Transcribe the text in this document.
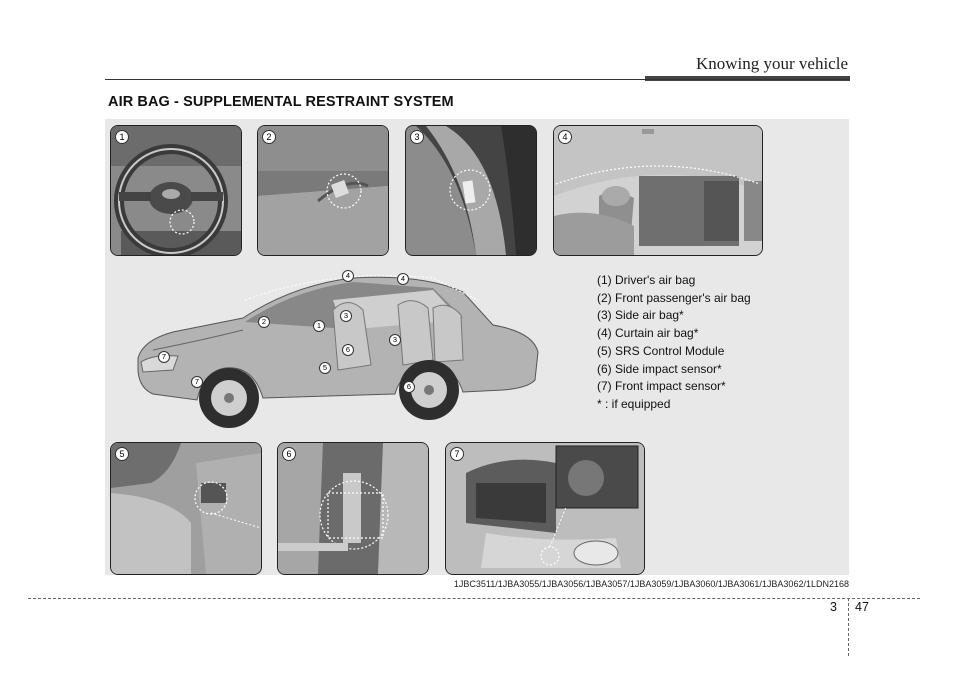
Knowing your vehicle
AIR BAG - SUPPLEMENTAL RESTRAINT SYSTEM
1	2	3	4
1
2
3
3
4	4
5
6
6
7
7
(1) Driver's air bag
(2) Front passenger's air bag
(3) Side air bag*
(4) Curtain air bag*
(5) SRS Control Module
(6) Side impact sensor*
(7) Front impact sensor*
* : if equipped
5	6	7
1JBC3511/1JBA3055/1JBA3056/1JBA3057/1JBA3059/1JBA3060/1JBA3061/1JBA3062/1LDN2168
3 47
